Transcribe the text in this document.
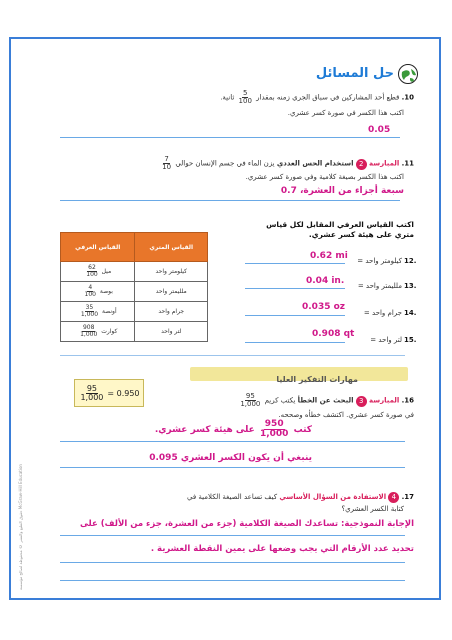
حل المسائل
10. قطع أحد المشاركين في سباق الجري زمنه بمقدار
$\frac{5}{100}$
ثانية.
اكتب هذا الكسر في صورة كسر عشري.
0.05
11. المبارسة 2 استخدام الحس العددي يزن الماء في جسم الإنسان حوالي
$\frac{7}{10}$
اكتب هذا الكسر بصيغة كلامية وفي صورة كسر عشري.
سبعة أجزاء من العشرة، 0.7
اكتب القياس العرفي المقابل لكل قياس متري على هيئة كسر عشري.
القياس العرفي	القياس المتري

$\frac{62}{100}$ ميل	كيلومتر واحد

$\frac{4}{100}$ بوصة	ملليمتر واحد

$\frac{35}{1,000}$ أونصة	جرام واحد

$\frac{908}{1,000}$ كوارت	لتر واحد
12.
كيلومتر واحد =
0.62 mi
13.
ملليمتر واحد =
0.04 in.
14.
جرام واحد =
0.035 oz
15.
لتر واحد =
0.908 qt
مهارات التفكير العليا
$\frac{95}{1,000} = 0.950$
16. المبارسة 3 البحث عن الخطأ يكتب كريم
$\frac{95}{1,000}$
في صورة كسر عشري. اكتشف خطأه وصححه.
كتب
$\frac{950}{1,000}$
على هيئة كسر عشري.
ينبغي أن يكون الكسر العشري 0.095
17. 4 الاستفادة من السؤال الأساسي كيف تساعد الصيغة الكلامية في
كتابة الكسر العشري؟
الإجابة النموذجية: تساعدك الصيغة الكلامية (جزء من العشرة، جزء من الألف) على
تحديد عدد الأرقام التي يجب وضعها على يمين النقطة العشرية .
حقوق الطبع والنشر © محفوظة لصالح مؤسسة McGraw-Hill Education
